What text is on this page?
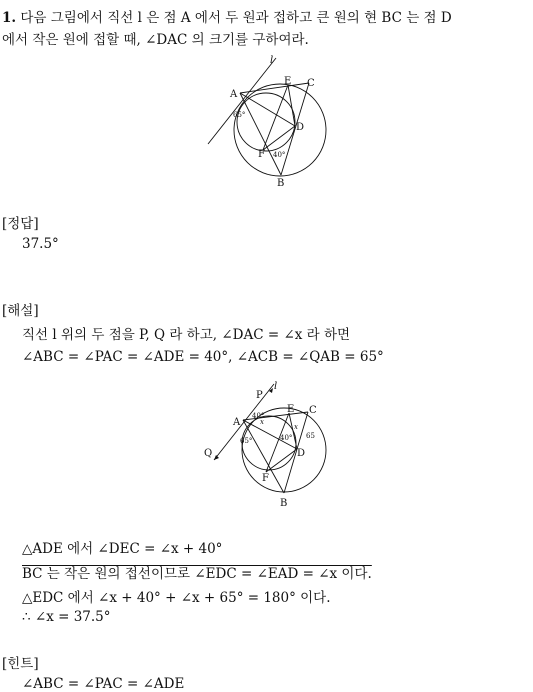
1. 다음 그림에서 직선 l 은 점 A 에서 두 원과 접하고 큰 원의 현 BC 는 점 D
에서 작은 원에 접할 때, ∠DAC 의 크기를 구하여라.
l
A
E C
D
F
B
65°
40°
[정답]
37.5°
[해설]
직선 l 위의 두 점을 P, Q 라 하고, ∠DAC = ∠x 라 하면
∠ABC = ∠PAC = ∠ADE = 40°, ∠ACB = ∠QAB = 65°
P
l
Q
A
E C
D
F
B
40°
65°	40° 65
x
x
△ADE 에서 ∠DEC = ∠x + 40°
BC 는 작은 원의 접선이므로 ∠EDC = ∠EAD = ∠x 이다.
△EDC 에서 ∠x + 40° + ∠x + 65° = 180° 이다.
∴ ∠x = 37.5°
[힌트]
∠ABC = ∠PAC = ∠ADE
